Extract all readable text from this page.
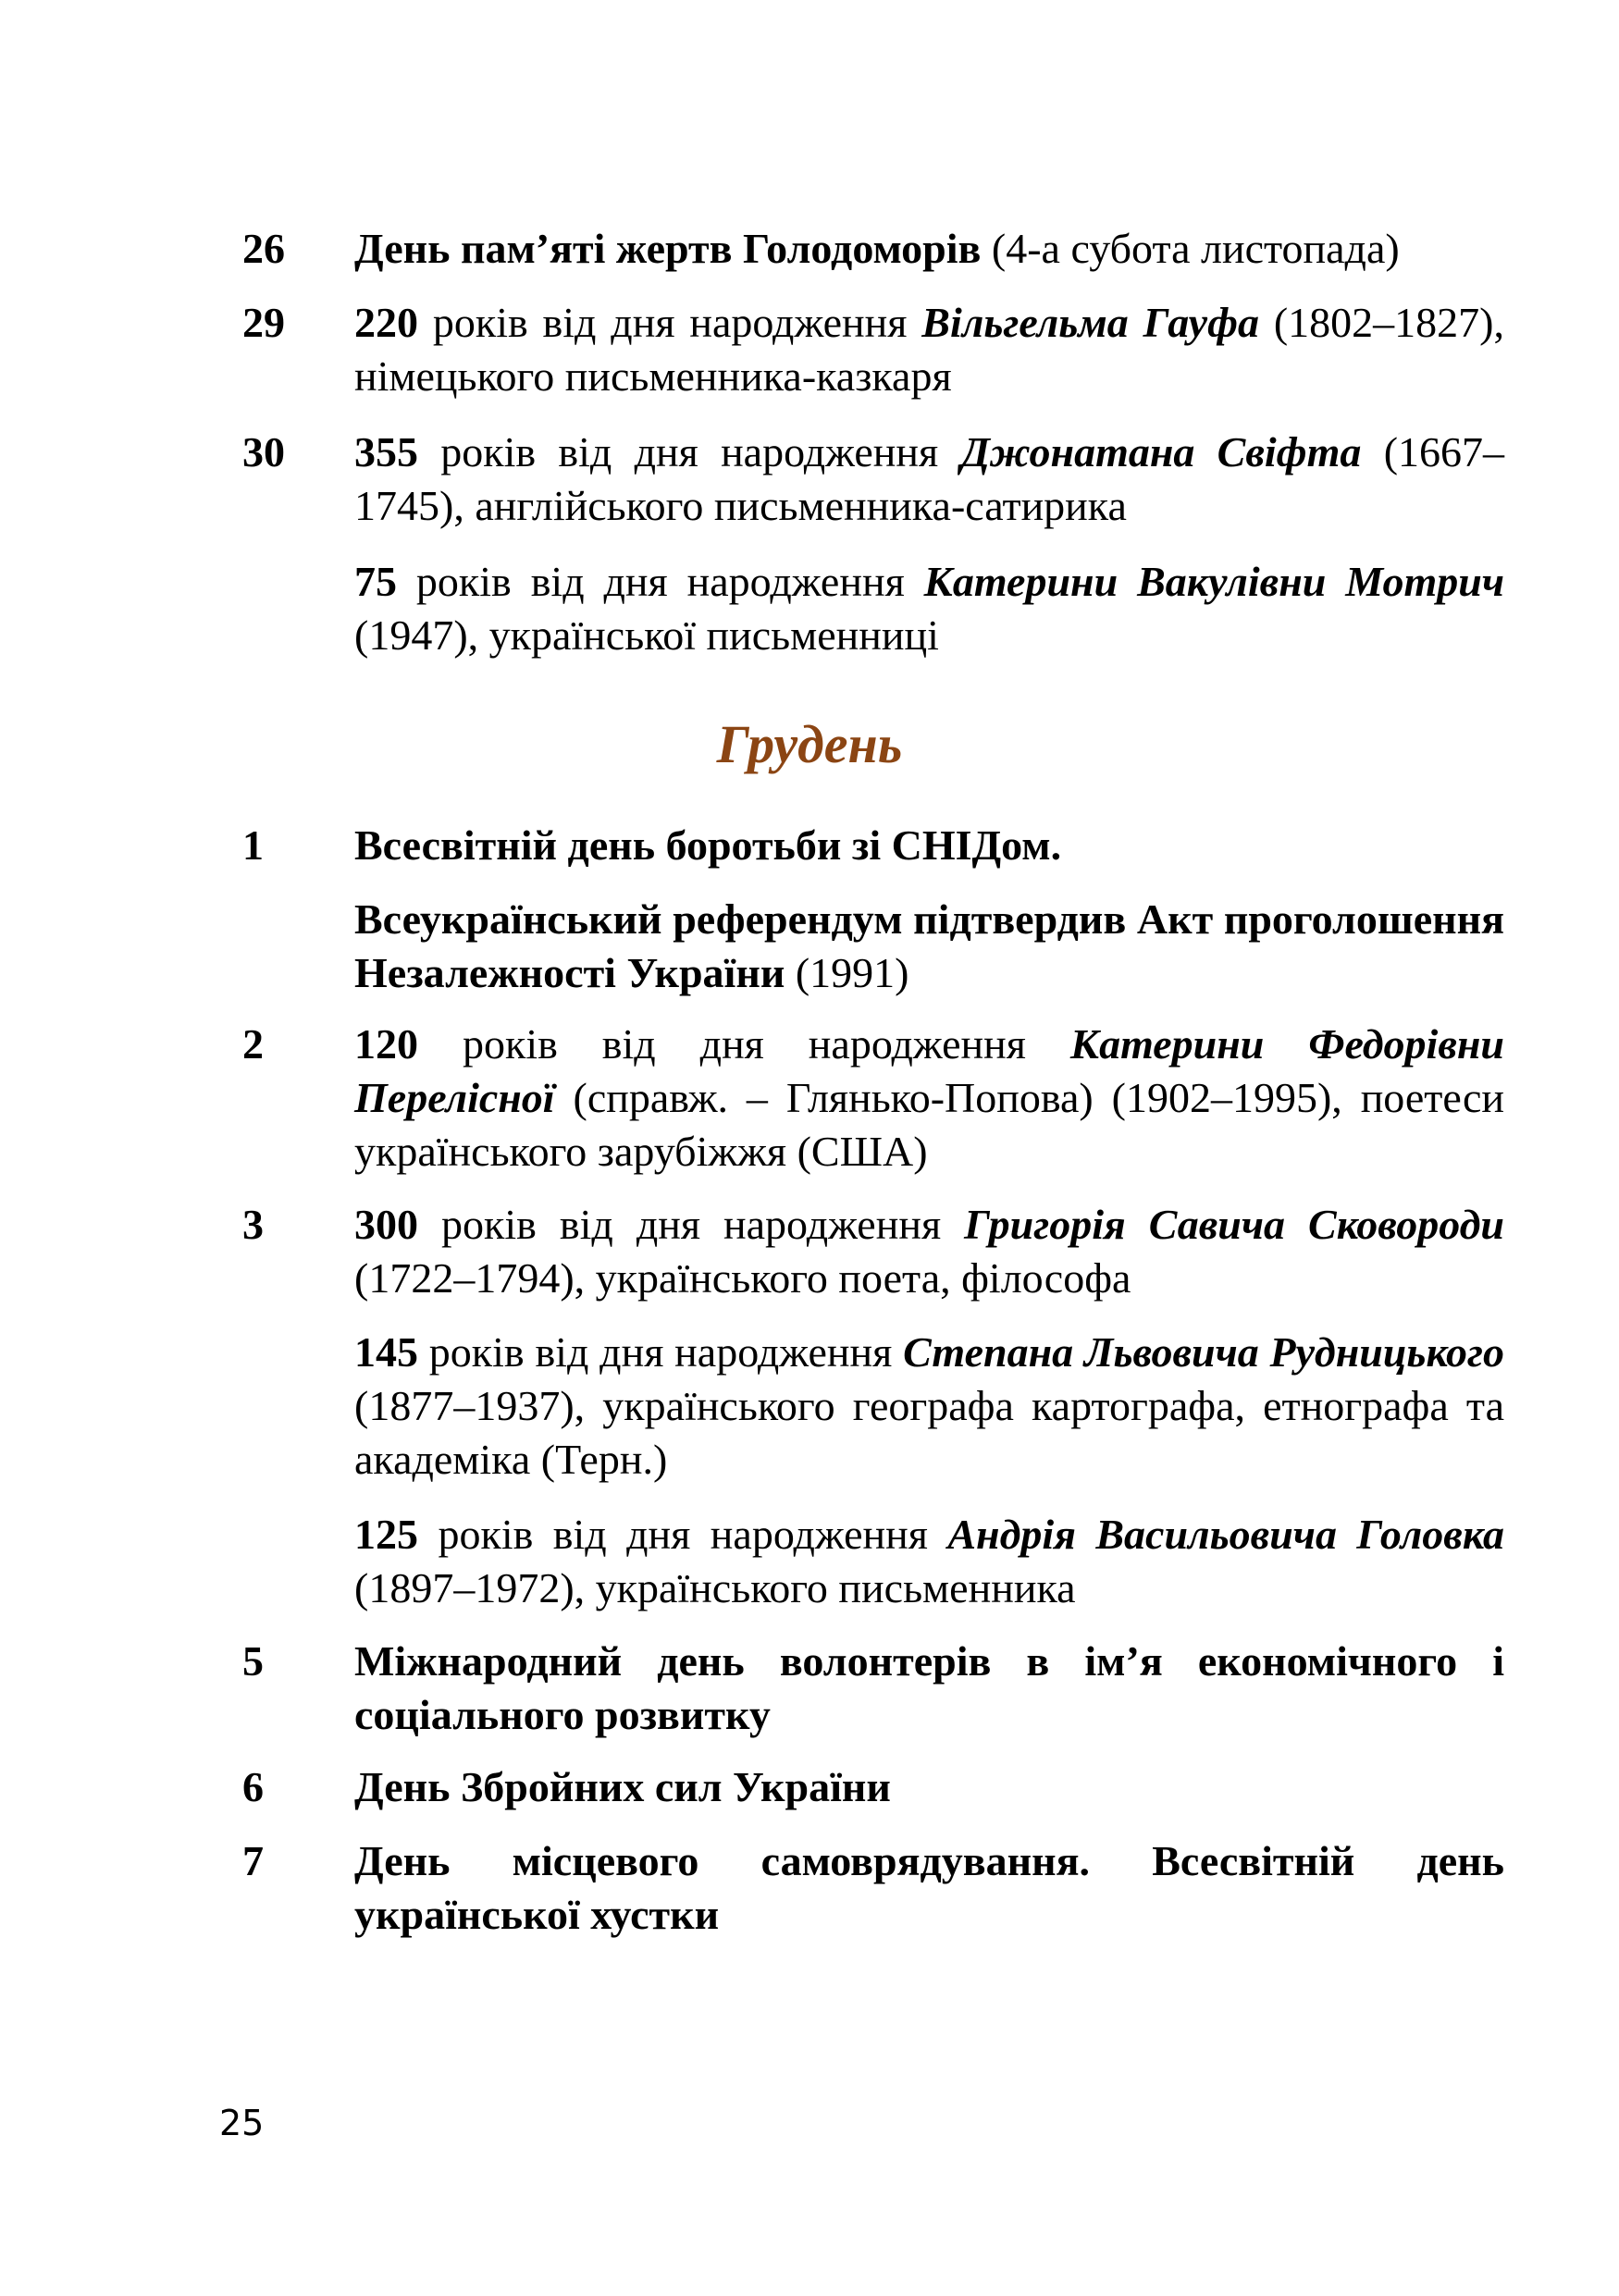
26 День пам’яті жертв Голодоморів (4-а субота листопада)
29 220 років від дня народження Вільгельма Гауфа (1802–1827), німецького письменника-казкаря
30 355 років від дня народження Джонатана Свіфта (1667–1745), англійського письменника-сатирика
75 років від дня народження Катерини Вакулівни Мотрич (1947), української письменниці
Грудень
1 Всесвітній день боротьби зі СНІДом.
Всеукраїнський референдум підтвердив Акт проголошення Незалежності України (1991)
2 120 років від дня народження Катерини Федорівни Перелісної (справж. – Глянько-Попова) (1902–1995), поетеси українського зарубіжжя (США)
3 300 років від дня народження Григорія Савича Сковороди (1722–1794), українського поета, філософа
145 років від дня народження Степана Львовича Рудницького (1877–1937), українського географа картографа, етнографа та академіка (Терн.)
125 років від дня народження Андрія Васильовича Головка (1897–1972), українського письменника
5 Міжнародний день волонтерів в ім’я економічного і соціального розвитку
6 День Збройних сил України
7 День місцевого самоврядування. Всесвітній день української хустки
25
